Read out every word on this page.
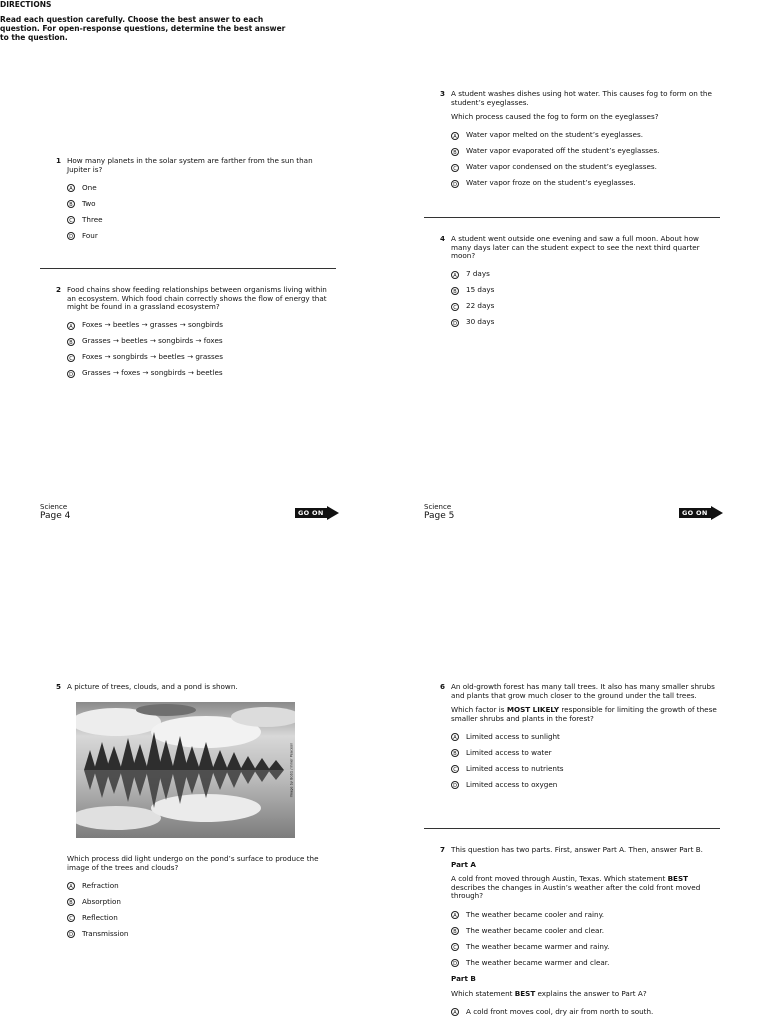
DIRECTIONS
Read each question carefully. Choose the best answer to each question. For open-response questions, determine the best answer to the question.
1 How many planets in the solar system are farther from the sun than Jupiter is?

A	One
B	Two
C	Three
D Four
2 Food chains show feeding relationships between organisms living within an ecosystem. Which food chain correctly shows the flow of energy that might be found in a grassland ecosystem?

A	Foxes → beetles → grasses → songbirds
B	Grasses → beetles → songbirds → foxes
C	Foxes → songbirds → beetles → grasses
D Grasses → foxes → songbirds → beetles
3 A student washes dishes using hot water. This causes fog to form on the student’s eyeglasses.

Which process caused the fog to form on the eyeglasses?

A	Water vapor melted on the student’s eyeglasses.
B	Water vapor evaporated off the student’s eyeglasses.
C	Water vapor condensed on the student’s eyeglasses.
D Water vapor froze on the student’s eyeglasses.
4 A student went outside one evening and saw a full moon. About how many days later can the student expect to see the next third quarter moon?

A	7 days
B	15 days
C	22 days
D 30 days
Science
Page 4	GO ON
Science
Page 5	GO ON
5 A picture of trees, clouds, and a pond is shown.

Image by Bob1 / Inner Peaceon

Which process did light undergo on the pond’s surface to produce the image of the trees and clouds?

A	Refraction
B	Absorption
C	Reflection
D Transmission
6 An old-growth forest has many tall trees. It also has many smaller shrubs and plants that grow much closer to the ground under the tall trees.

Which factor is MOST LIKELY responsible for limiting the growth of these smaller shrubs and plants in the forest?

A	Limited access to sunlight
B	Limited access to water
C	Limited access to nutrients
D Limited access to oxygen
7 This question has two parts. First, answer Part A. Then, answer Part B.

Part A

A cold front moved through Austin, Texas. Which statement BEST describes the changes in Austin’s weather after the cold front moved through?

A	The weather became cooler and rainy.
B	The weather became cooler and clear.
C	The weather became warmer and rainy.
D The weather became warmer and clear.

Part B

Which statement BEST explains the answer to Part A?

A	A cold front moves cool, dry air from north to south.
